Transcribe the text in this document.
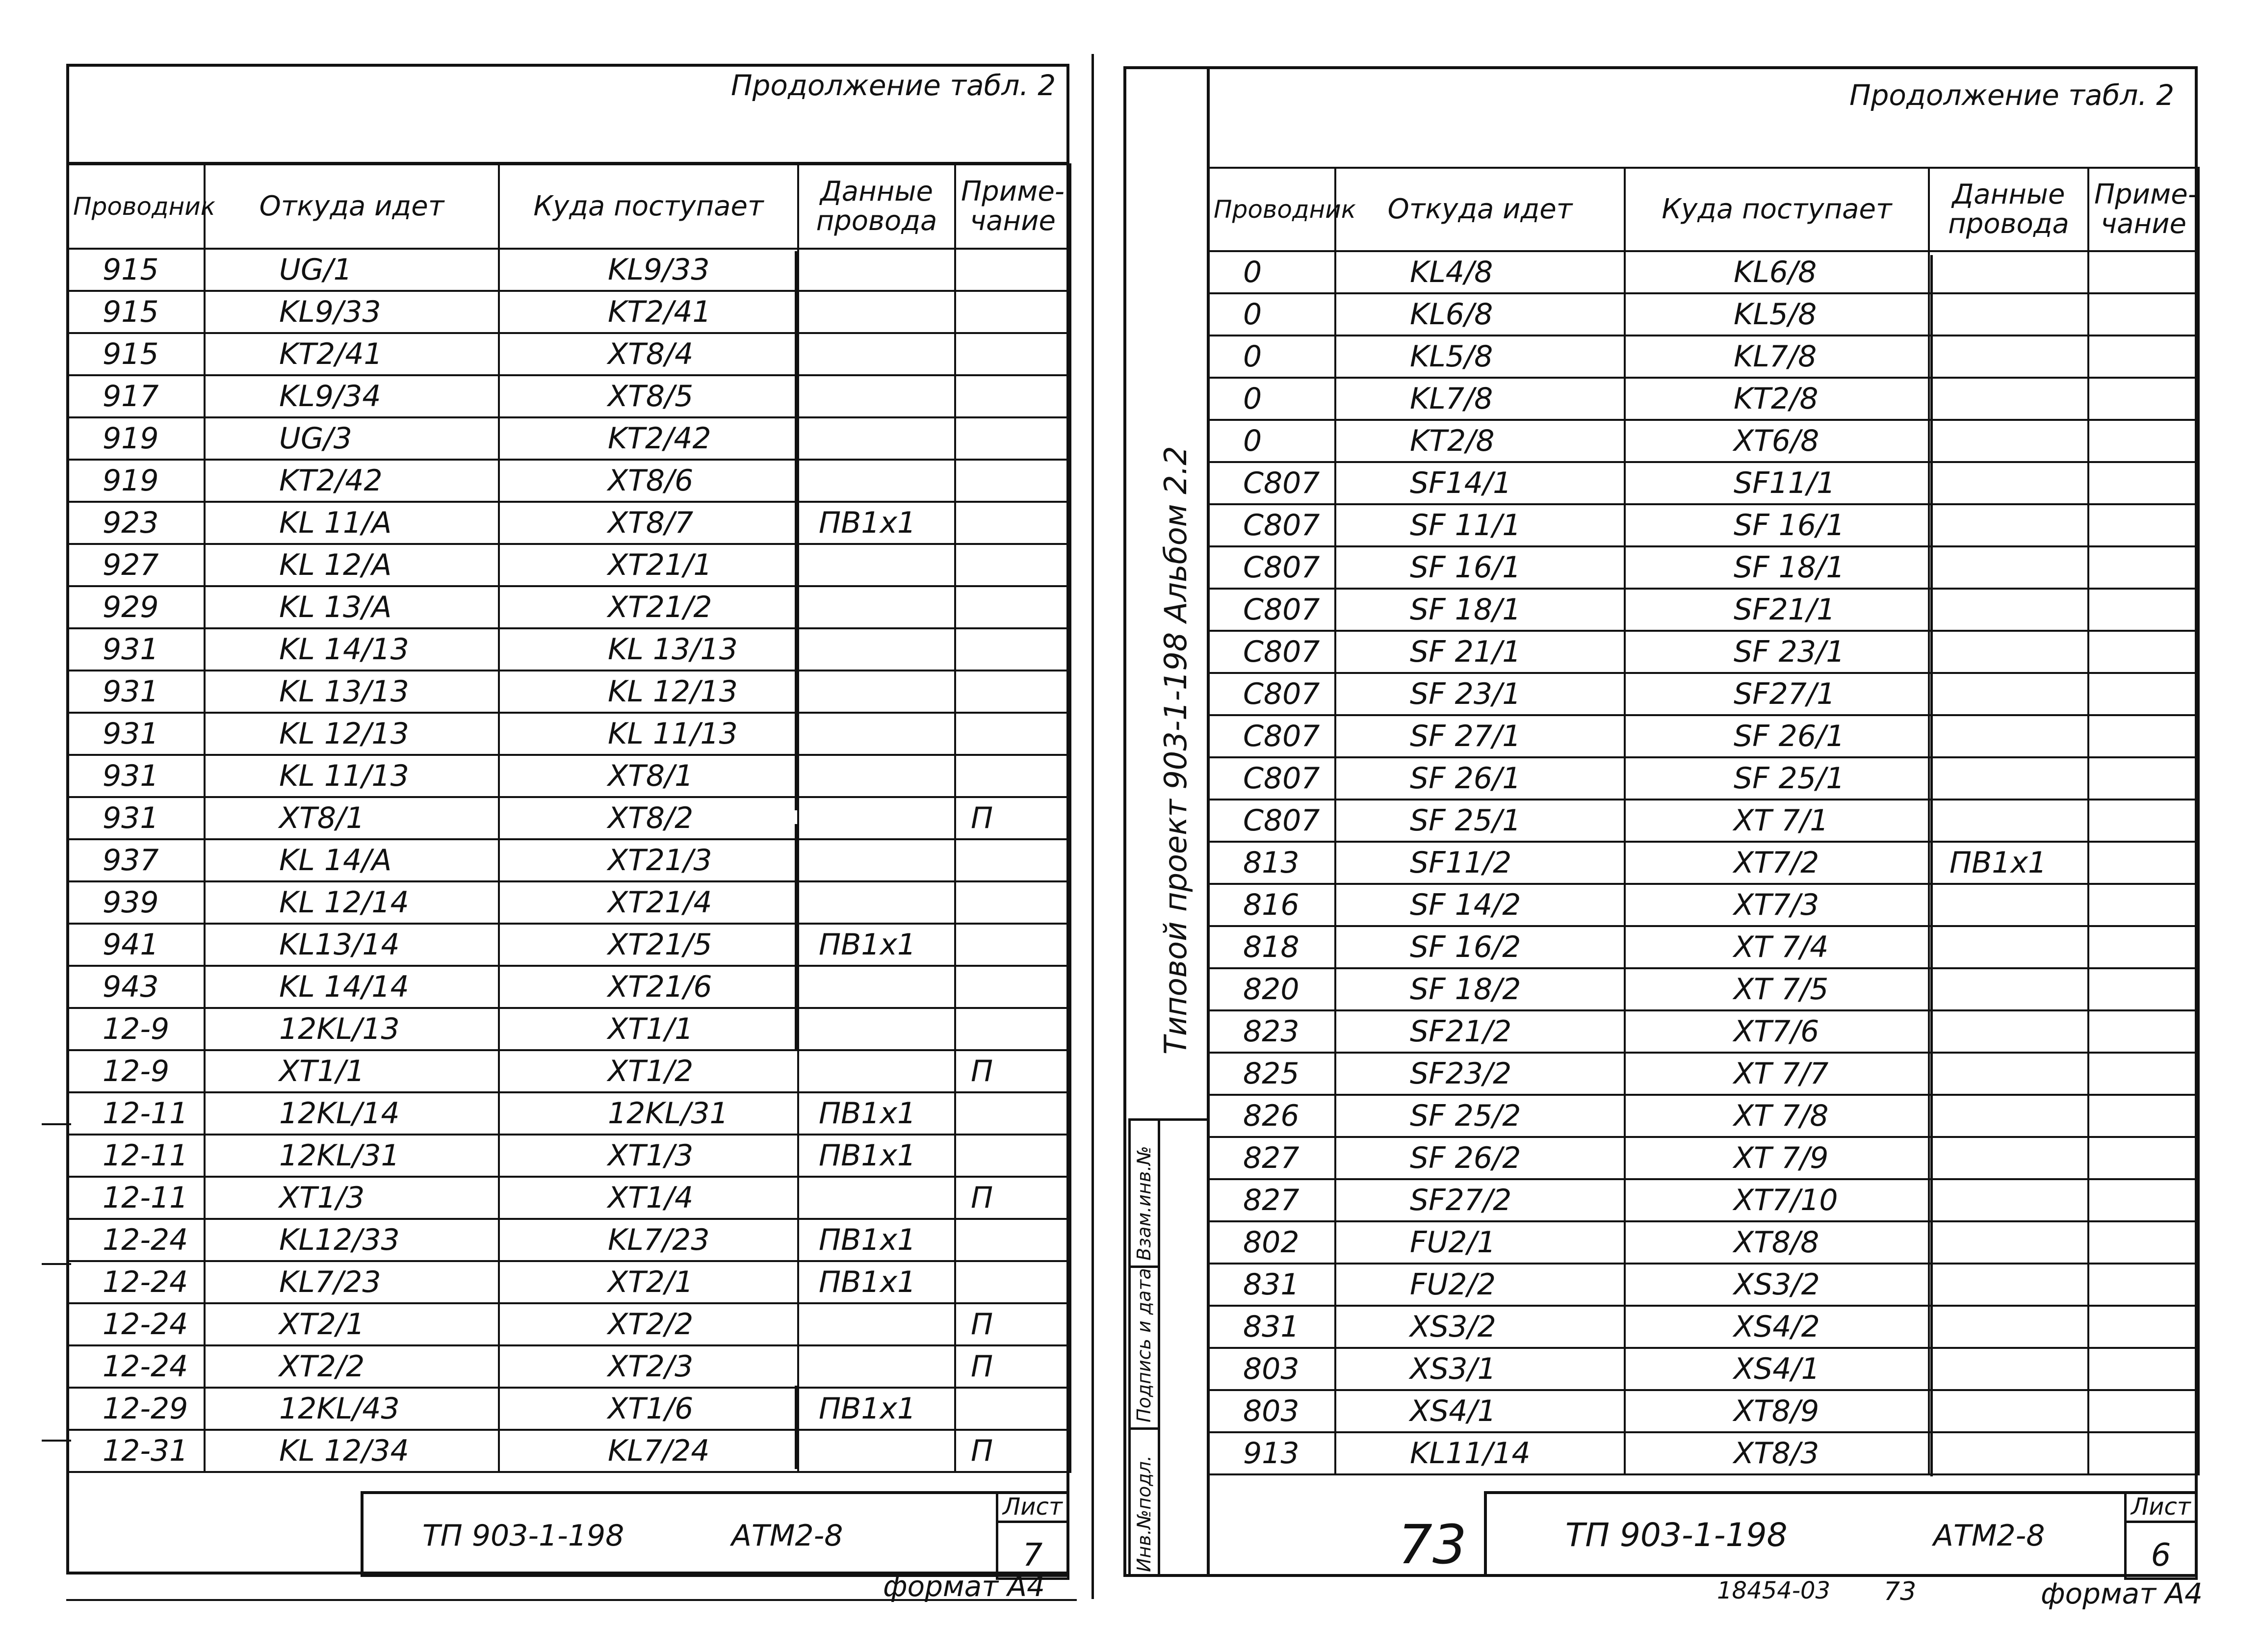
Продолжение табл. 2
Проводник	Откуда идет	Куда поступает	Данные провода	Приме- чание
915	UG/1	KL9/33		
915	KL9/33	KT2/41		
915	KT2/41	XT8/4		
917	KL9/34	XT8/5		
919	UG/3	KT2/42		
919	KT2/42	XT8/6		
923	KL 11/A	XT8/7	ПВ1х1	
927	KL 12/A	XT21/1		
929	KL 13/A	XT21/2		
931	KL 14/13	KL 13/13		
931	KL 13/13	KL 12/13		
931	KL 12/13	KL 11/13		
931	KL 11/13	XT8/1		
931	XT8/1	XT8/2		П
937	KL 14/A	XT21/3		
939	KL 12/14	XT21/4		
941	KL13/14	XT21/5	ПВ1х1	
943	KL 14/14	XT21/6		
12-9	12KL/13	XT1/1		
12-9	XT1/1	XT1/2		П
12-11	12KL/14	12KL/31	ПВ1х1	
12-11	12KL/31	XT1/3	ПВ1х1	
12-11	XT1/3	XT1/4		П
12-24	KL12/33	KL7/23	ПВ1х1	
12-24	KL7/23	XT2/1	ПВ1х1	
12-24	XT2/1	XT2/2		П
12-24	XT2/2	XT2/3		П
12-29	12KL/43	XT1/6	ПВ1х1	
12-31	KL 12/34	KL7/24		П
ТП 903-1-198	АТМ2-8
Лист
7
формат А4
Продолжение табл. 2
Проводник	Откуда идет	Куда поступает	Данные провода	Приме- чание
0	KL4/8	KL6/8		
0	KL6/8	KL5/8		
0	KL5/8	KL7/8		
0	KL7/8	KT2/8		
0	KT2/8	XT6/8		
C807	SF14/1	SF11/1		
C807	SF 11/1	SF 16/1		
C807	SF 16/1	SF 18/1		
C807	SF 18/1	SF21/1		
C807	SF 21/1	SF 23/1		
C807	SF 23/1	SF27/1		
C807	SF 27/1	SF 26/1		
C807	SF 26/1	SF 25/1		
C807	SF 25/1	XT 7/1		
813	SF11/2	XT7/2	ПВ1х1	
816	SF 14/2	XT7/3		
818	SF 16/2	XT 7/4		
820	SF 18/2	XT 7/5		
823	SF21/2	XT7/6		
825	SF23/2	XT 7/7		
826	SF 25/2	XT 7/8		
827	SF 26/2	XT 7/9		
827	SF27/2	XT7/10		
802	FU2/1	XT8/8		
831	FU2/2	XS3/2		
831	XS3/2	XS4/2		
803	XS3/1	XS4/1		
803	XS4/1	XT8/9		
913	KL11/14	XT8/3		
Типовой проект 903-1-198 Альбом 2.2
Инв.№подл.
Подпись и дата
Взам.инв.№
73	ТП 903-1-198	АТМ2-8
Лист
6
18454-03 73	формат А4
